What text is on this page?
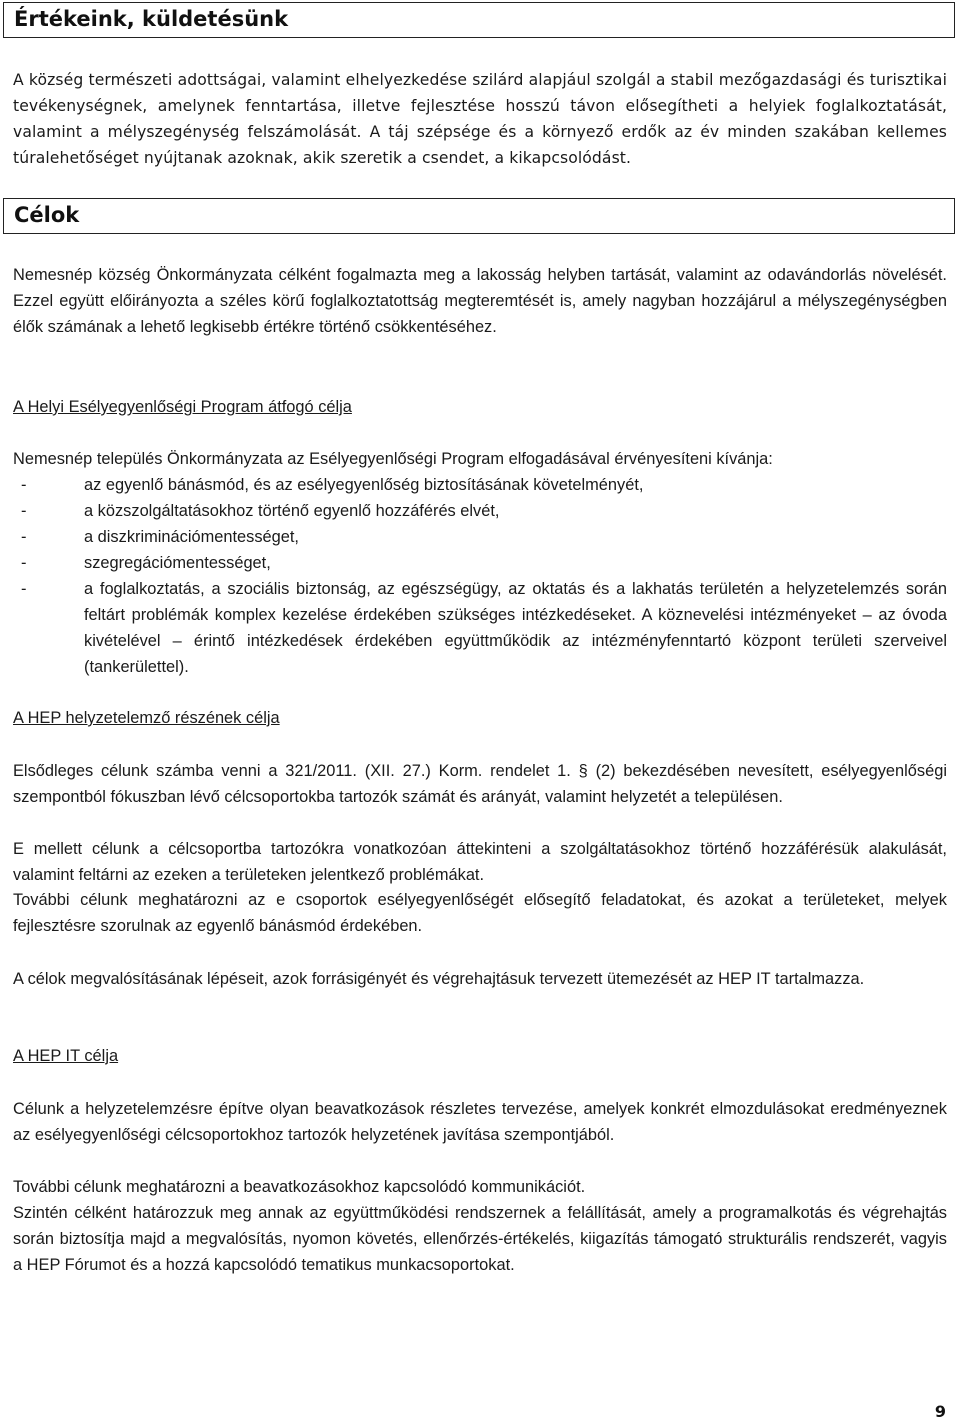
Értékeink, küldetésünk

A község természeti adottságai, valamint elhelyezkedése szilárd alapjául szolgál a stabil mezőgazdasági és turisztikai tevékenységnek, amelynek fenntartása, illetve fejlesztése hosszú távon elősegítheti a helyiek foglalkoztatását, valamint a mélyszegénység felszámolását. A táj szépsége és a környező erdők az év minden szakában kellemes túralehetőséget nyújtanak azoknak, akik szeretik a csendet, a kikapcsolódást.

Célok

Nemesnép község Önkormányzata célként fogalmazta meg a lakosság helyben tartását, valamint az odavándorlás növelését. Ezzel együtt előirányozta a széles körű foglalkoztatottság megteremtését is, amely nagyban hozzájárul a mélyszegénységben élők számának a lehető legkisebb értékre történő csökkentéséhez.

A Helyi Esélyegyenlőségi Program átfogó célja

Nemesnép település Önkormányzata az Esélyegyenlőségi Program elfogadásával érvényesíteni kívánja:

-	az egyenlő bánásmód, és az esélyegyenlőség biztosításának követelményét,
-	a közszolgáltatásokhoz történő egyenlő hozzáférés elvét,
-	a diszkriminációmentességet,
-	szegregációmentességet,
-	a foglalkoztatás, a szociális biztonság, az egészségügy, az oktatás és a lakhatás területén a helyzetelemzés során feltárt problémák komplex kezelése érdekében szükséges intézkedéseket. A köznevelési intézményeket – az óvoda kivételével – érintő intézkedések érdekében együttműködik az intézményfenntartó központ területi szerveivel (tankerülettel).

A HEP helyzetelemző részének célja

Elsődleges célunk számba venni a 321/2011. (XII. 27.) Korm. rendelet 1. § (2) bekezdésében nevesített, esélyegyenlőségi szempontból fókuszban lévő célcsoportokba tartozók számát és arányát, valamint helyzetét a településen.

E mellett célunk a célcsoportba tartozókra vonatkozóan áttekinteni a szolgáltatásokhoz történő hozzáférésük alakulását, valamint feltárni az ezeken a területeken jelentkező problémákat.

További célunk meghatározni az e csoportok esélyegyenlőségét elősegítő feladatokat, és azokat a területeket, melyek fejlesztésre szorulnak az egyenlő bánásmód érdekében.

A célok megvalósításának lépéseit, azok forrásigényét és végrehajtásuk tervezett ütemezését az HEP IT tartalmazza.

A HEP IT célja

Célunk a helyzetelemzésre építve olyan beavatkozások részletes tervezése, amelyek konkrét elmozdulásokat eredményeznek az esélyegyenlőségi célcsoportokhoz tartozók helyzetének javítása szempontjából.

További célunk meghatározni a beavatkozásokhoz kapcsolódó kommunikációt.

Szintén célként határozzuk meg annak az együttműködési rendszernek a felállítását, amely a programalkotás és végrehajtás során biztosítja majd a megvalósítás, nyomon követés, ellenőrzés-értékelés, kiigazítás támogató strukturális rendszerét, vagyis a HEP Fórumot és a hozzá kapcsolódó tematikus munkacsoportokat.

9
